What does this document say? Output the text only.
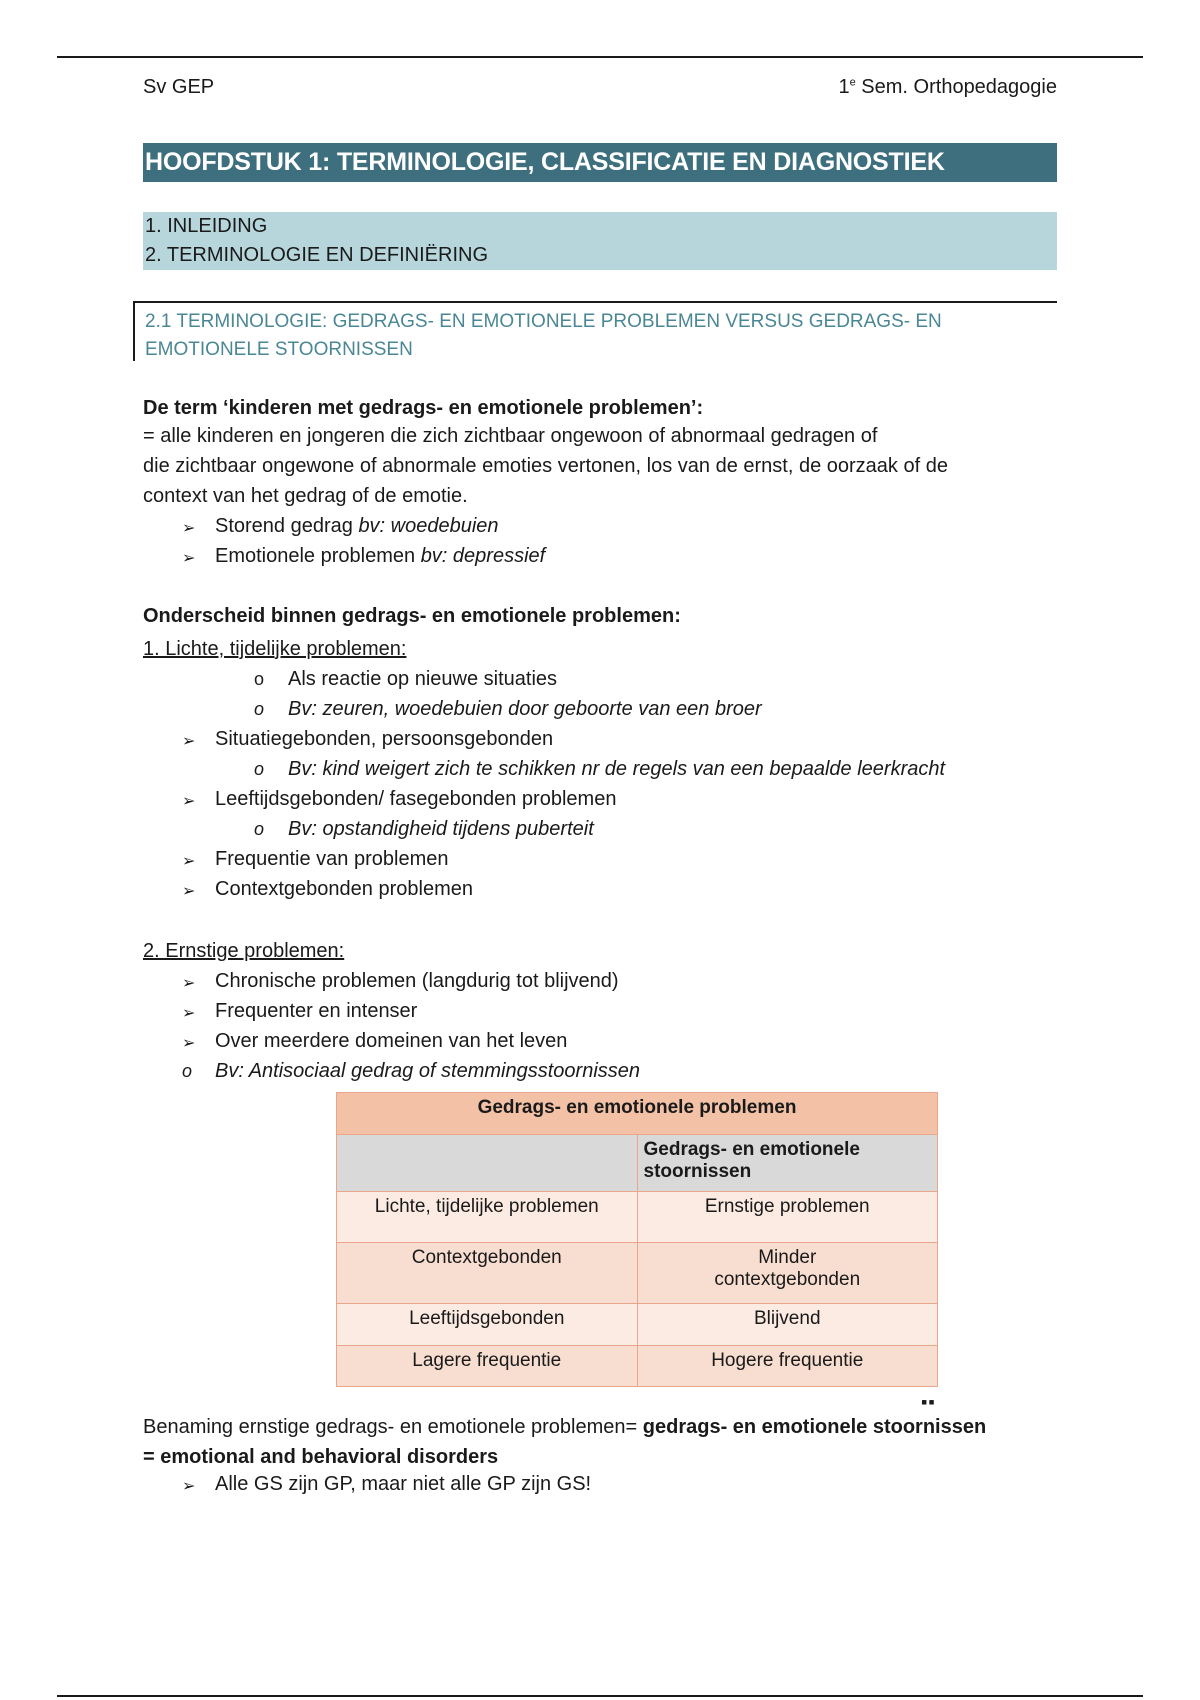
Sv GEP	1e Sem. Orthopedagogie
HOOFDSTUK 1: TERMINOLOGIE, CLASSIFICATIE EN DIAGNOSTIEK
1. INLEIDING
2. TERMINOLOGIE EN DEFINIËRING
2.1 TERMINOLOGIE: GEDRAGS- EN EMOTIONELE PROBLEMEN VERSUS GEDRAGS- EN
EMOTIONELE STOORNISSEN
De term ‘kinderen met gedrags- en emotionele problemen’:
= alle kinderen en jongeren die zich zichtbaar ongewoon of abnormaal gedragen of
die zichtbaar ongewone of abnormale emoties vertonen, los van de ernst, de oorzaak of de
context van het gedrag of de emotie.
➢ Storend gedrag bv: woedebuien
➢ Emotionele problemen bv: depressief
Onderscheid binnen gedrags- en emotionele problemen:
1. Lichte, tijdelijke problemen:
o Als reactie op nieuwe situaties
o Bv: zeuren, woedebuien door geboorte van een broer
➢ Situatiegebonden, persoonsgebonden
o Bv: kind weigert zich te schikken nr de regels van een bepaalde leerkracht
➢ Leeftijdsgebonden/ fasegebonden problemen
o Bv: opstandigheid tijdens puberteit
➢ Frequentie van problemen
➢ Contextgebonden problemen
2. Ernstige problemen:
➢ Chronische problemen (langdurig tot blijvend)
➢ Frequenter en intenser
➢ Over meerdere domeinen van het leven
o Bv: Antisociaal gedrag of stemmingsstoornissen
Benaming ernstige gedrags- en emotionele problemen= gedrags- en emotionele stoornissen
= emotional and behavioral disorders
➢ Alle GS zijn GP, maar niet alle GP zijn GS!
Gedrags- en emotionele problemen	

	Gedrags- en emotionele
stoornissen

Lichte, tijdelijke problemen	Ernstige problemen
Contextgebonden	Minder
contextgebonden

Leeftijdsgebonden	Blijvend
Lagere frequentie	Hogere frequentie
▪▪
